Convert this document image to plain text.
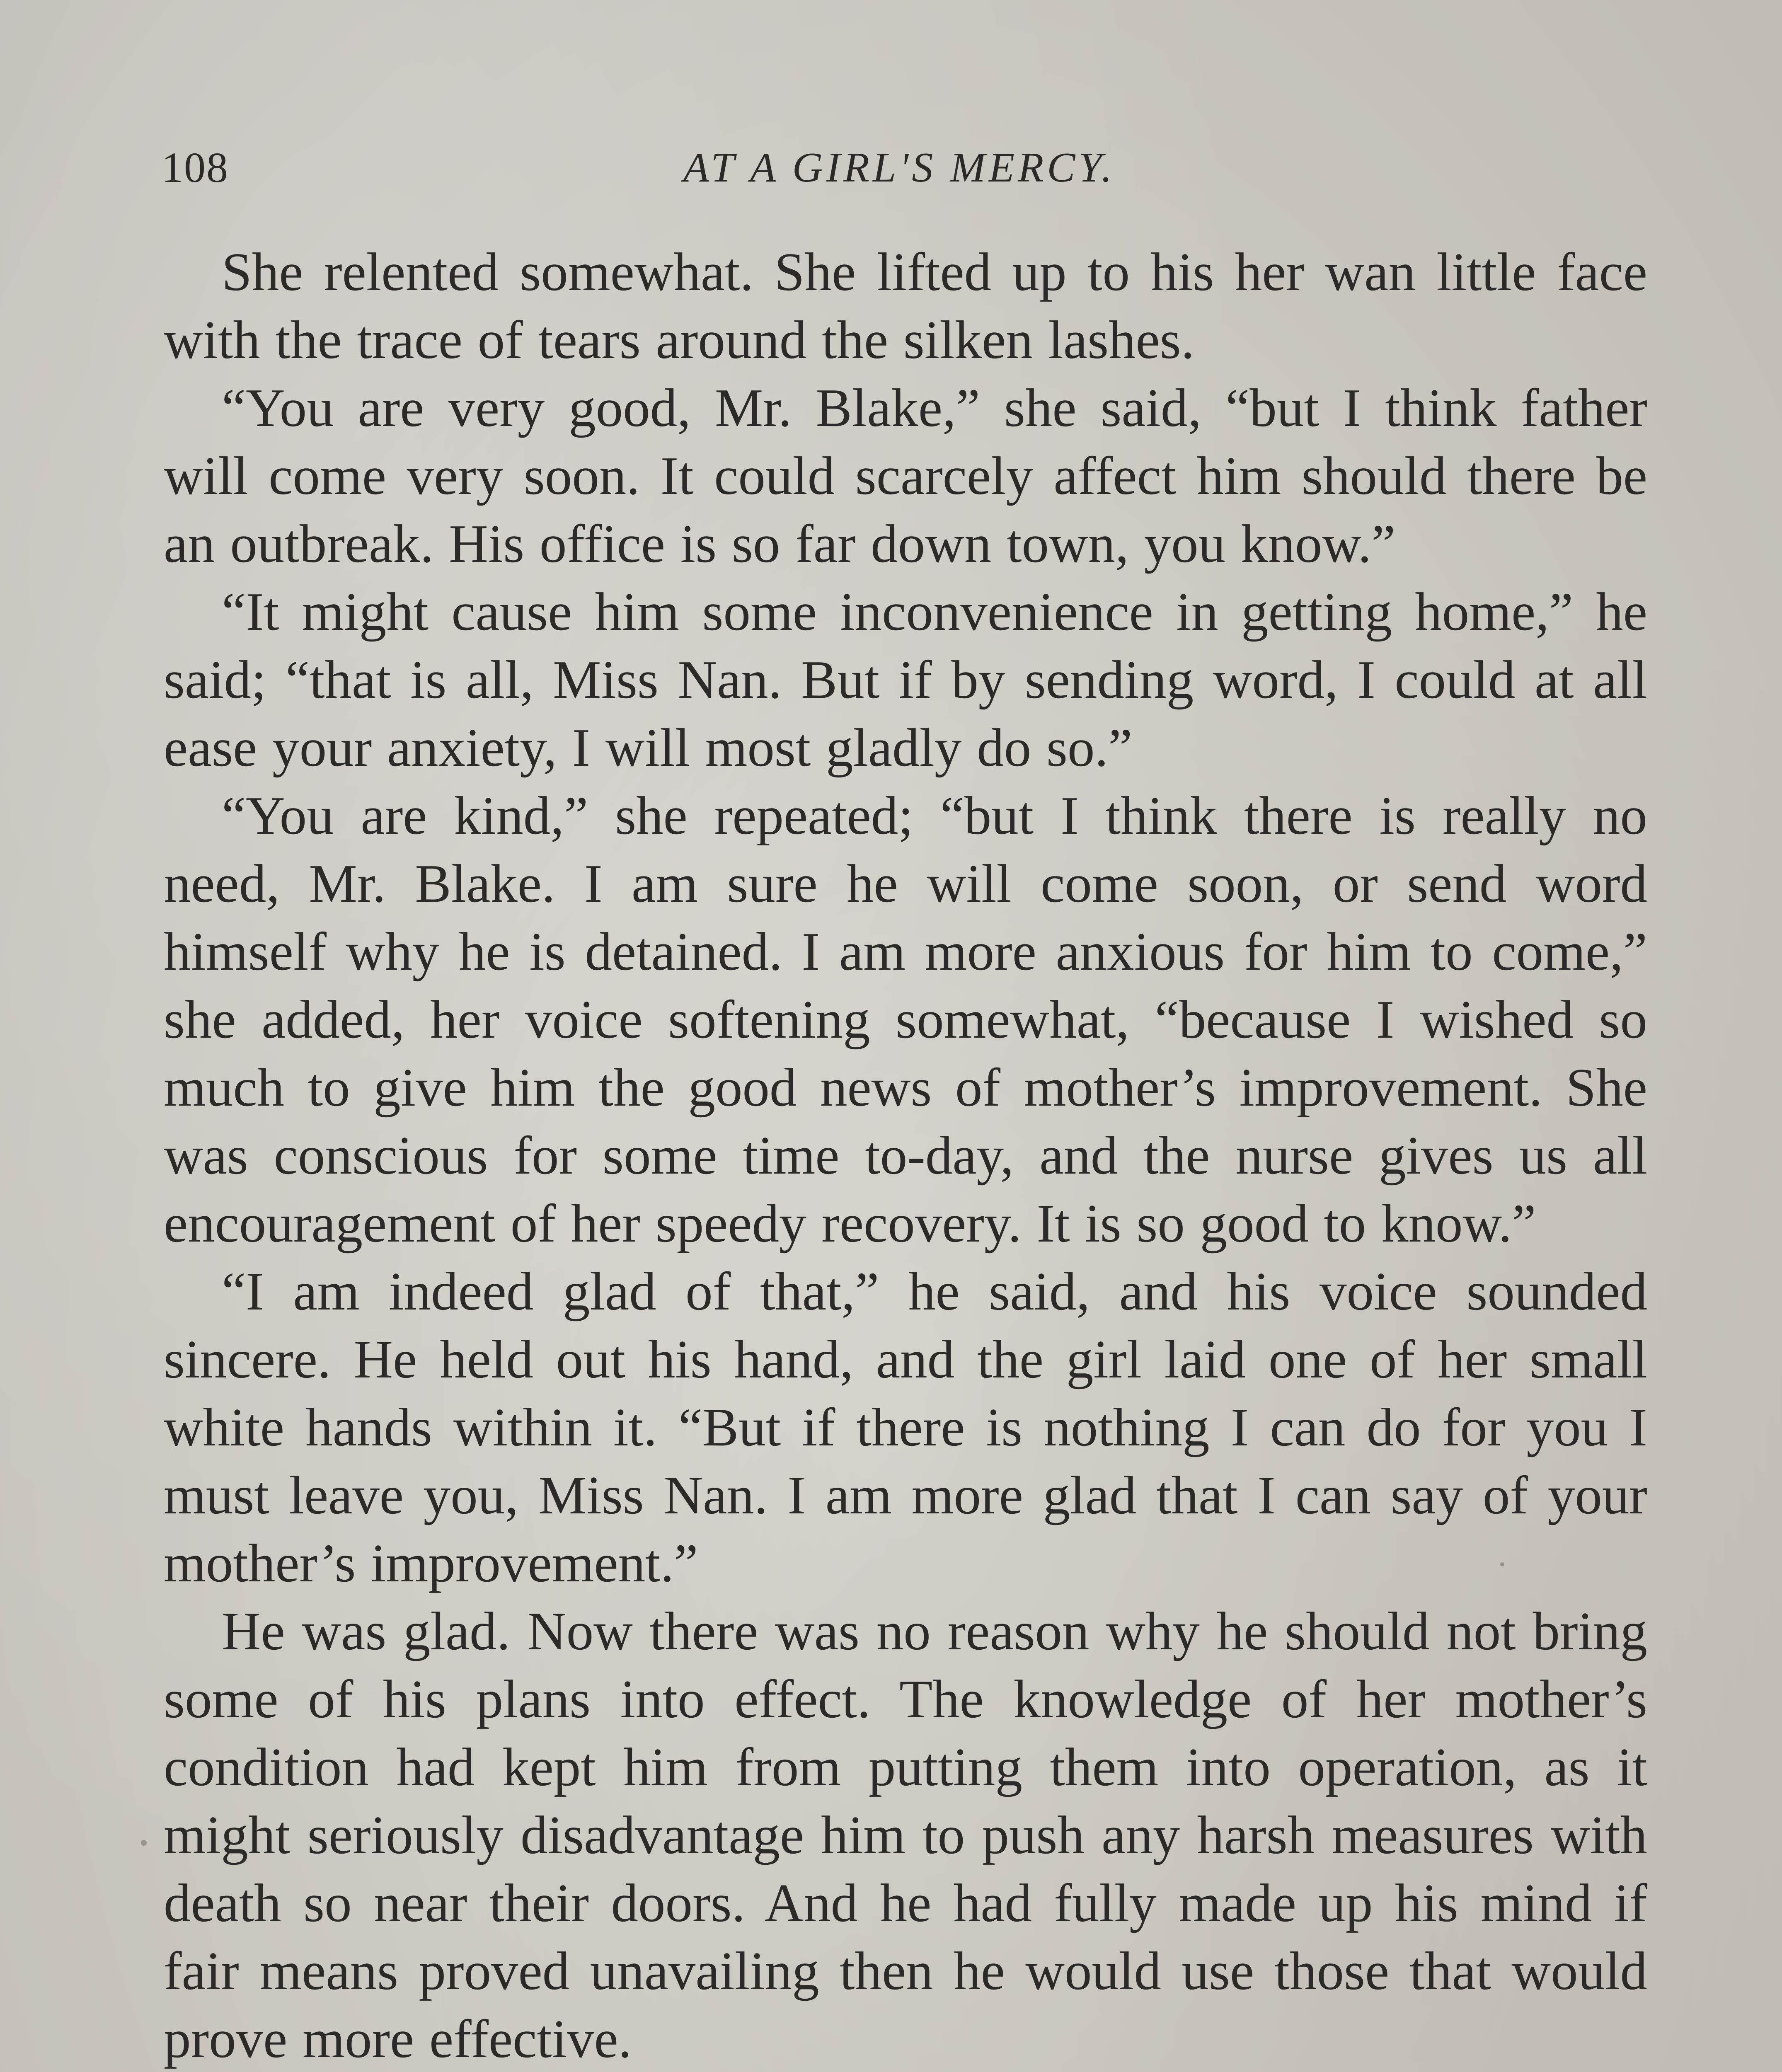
108	AT A GIRL'S MERCY.

She relented somewhat. She lifted up to his her wan little face with the trace of tears around the silken lashes.

“You are very good, Mr. Blake,” she said, “but I think father will come very soon. It could scarcely affect him should there be an outbreak. His office is so far down town, you know.”

“It might cause him some inconvenience in getting home,” he said; “that is all, Miss Nan. But if by sending word, I could at all ease your anxiety, I will most gladly do so.”

“You are kind,” she repeated; “but I think there is really no need, Mr. Blake. I am sure he will come soon, or send word himself why he is detained. I am more anxious for him to come,” she added, her voice softening somewhat, “because I wished so much to give him the good news of mother’s improvement. She was conscious for some time to-day, and the nurse gives us all encouragement of her speedy recovery. It is so good to know.”

“I am indeed glad of that,” he said, and his voice sounded sincere. He held out his hand, and the girl laid one of her small white hands within it. “But if there is nothing I can do for you I must leave you, Miss Nan. I am more glad that I can say of your mother’s improvement.”

He was glad. Now there was no reason why he should not bring some of his plans into effect. The knowledge of her mother’s condition had kept him from putting them into operation, as it might seriously disadvantage him to push any harsh measures with death so near their doors. And he had fully made up his mind if fair means proved unavailing then he would use those that would prove more effective.
